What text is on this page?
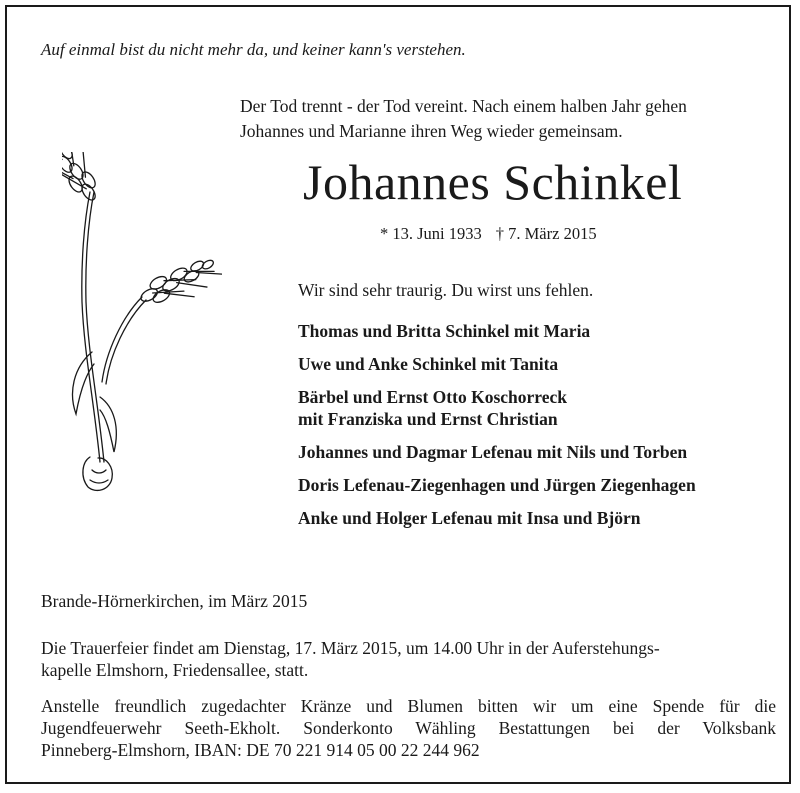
Auf einmal bist du nicht mehr da, und keiner kann's verstehen.

Der Tod trennt - der Tod vereint. Nach einem halben Jahr gehen
Johannes und Marianne ihren Weg wieder gemeinsam.
Johannes Schinkel
* 13. Juni 1933 † 7. März 2015
Wir sind sehr traurig. Du wirst uns fehlen.
Thomas und Britta Schinkel mit Maria
Uwe und Anke Schinkel mit Tanita
Bärbel und Ernst Otto Koschorreck
mit Franziska und Ernst Christian
Johannes und Dagmar Lefenau mit Nils und Torben
Doris Lefenau-Ziegenhagen und Jürgen Ziegenhagen
Anke und Holger Lefenau mit Insa und Björn
Brande-Hörnerkirchen, im März 2015
Die Trauerfeier findet am Dienstag, 17. März 2015, um 14.00 Uhr in der Auferstehungs-
kapelle Elmshorn, Friedensallee, statt.
Anstelle freundlich zugedachter Kränze und Blumen bitten wir um eine Spende für die
Jugendfeuerwehr Seeth-Ekholt. Sonderkonto Wähling Bestattungen bei der Volksbank
Pinneberg-Elmshorn, IBAN: DE 70 221 914 05 00 22 244 962
